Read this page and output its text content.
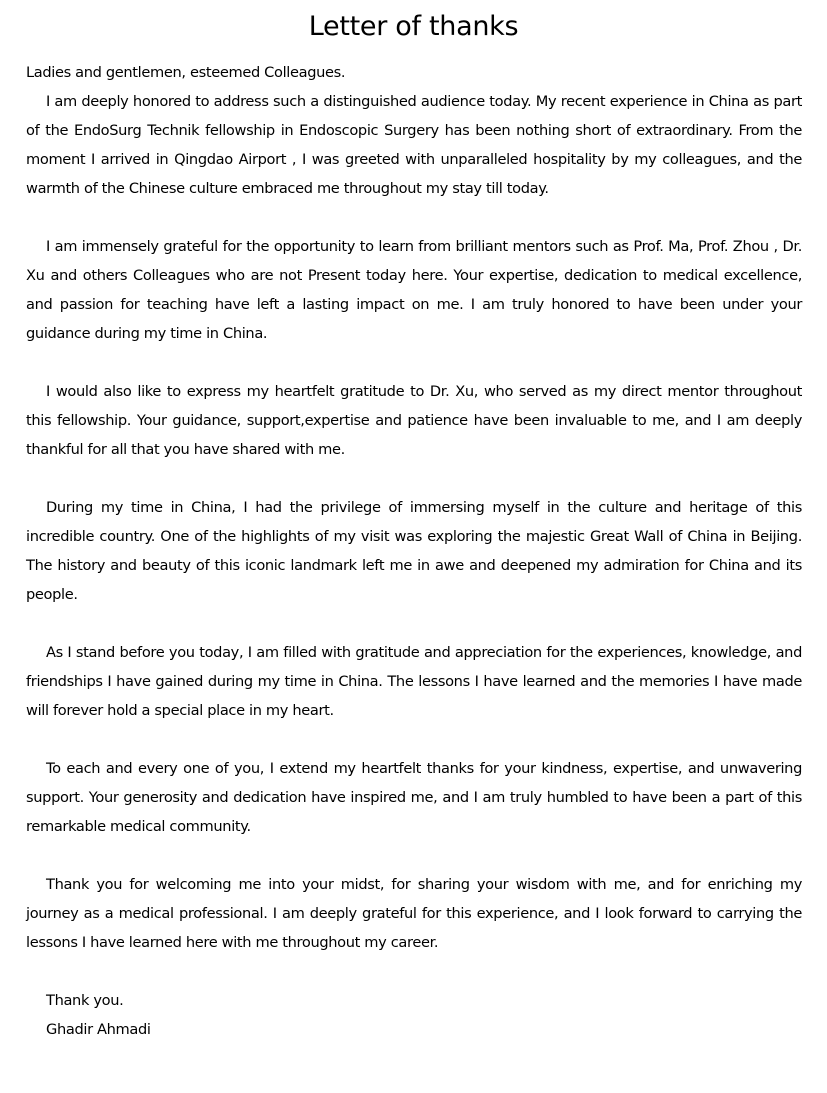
Letter of thanks

Ladies and gentlemen, esteemed Colleagues.

I am deeply honored to address such a distinguished audience today. My recent experience in China as part of the EndoSurg Technik fellowship in Endoscopic Surgery has been nothing short of extraordinary. From the moment I arrived in Qingdao Airport , I was greeted with unparalleled hospitality by my colleagues, and the warmth of the Chinese culture embraced me throughout my stay till today.

I am immensely grateful for the opportunity to learn from brilliant mentors such as Prof. Ma, Prof. Zhou , Dr. Xu and others Colleagues who are not Present today here. Your expertise, dedication to medical excellence, and passion for teaching have left a lasting impact on me. I am truly honored to have been under your guidance during my time in China.

I would also like to express my heartfelt gratitude to Dr. Xu, who served as my direct mentor throughout this fellowship. Your guidance, support,expertise and patience have been invaluable to me, and I am deeply thankful for all that you have shared with me.

During my time in China, I had the privilege of immersing myself in the culture and heritage of this incredible country. One of the highlights of my visit was exploring the majestic Great Wall of China in Beijing. The history and beauty of this iconic landmark left me in awe and deepened my admiration for China and its people.

As I stand before you today, I am filled with gratitude and appreciation for the experiences, knowledge, and friendships I have gained during my time in China. The lessons I have learned and the memories I have made will forever hold a special place in my heart.

To each and every one of you, I extend my heartfelt thanks for your kindness, expertise, and unwavering support. Your generosity and dedication have inspired me, and I am truly humbled to have been a part of this remarkable medical community.

Thank you for welcoming me into your midst, for sharing your wisdom with me, and for enriching my journey as a medical professional. I am deeply grateful for this experience, and I look forward to carrying the lessons I have learned here with me throughout my career.

Thank you.

Ghadir Ahmadi
